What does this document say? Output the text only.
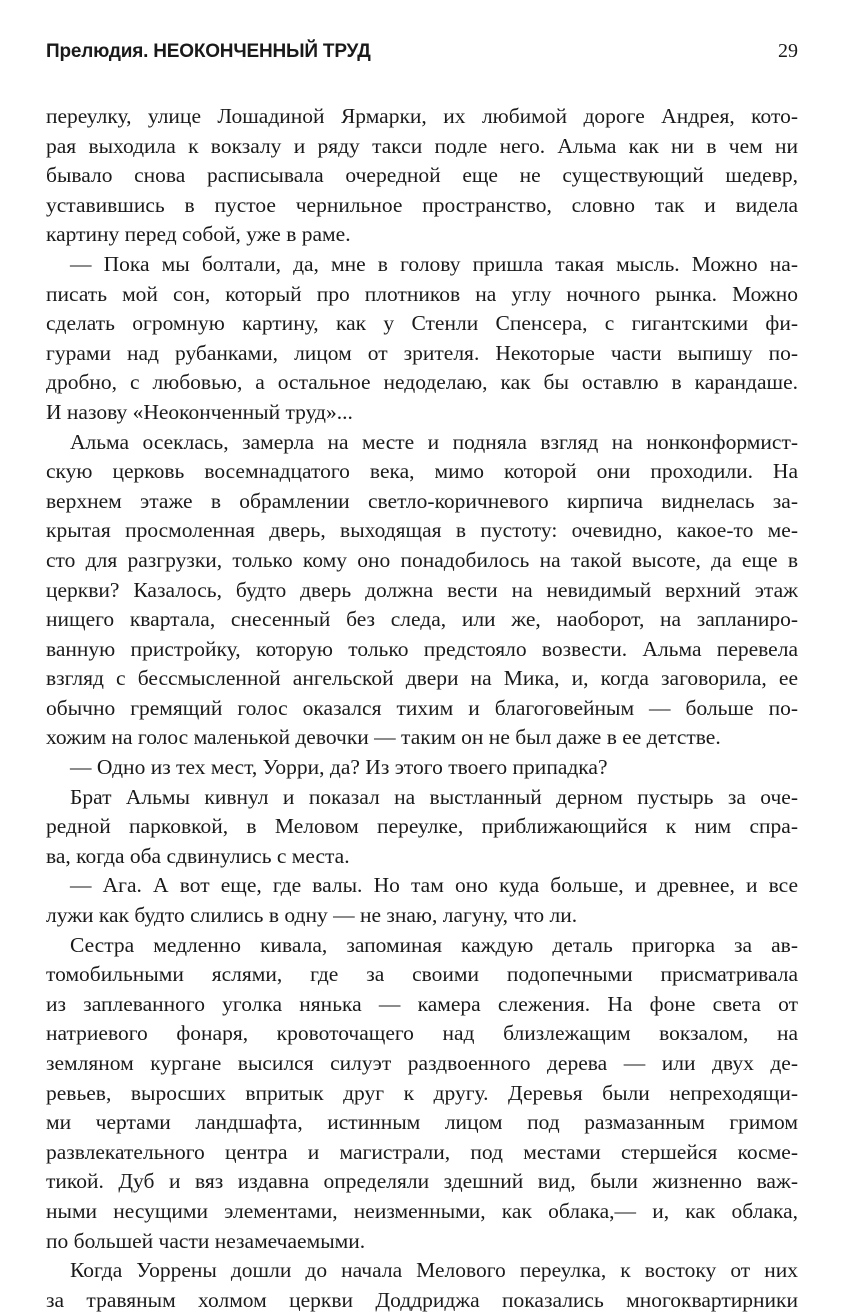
Прелюдия. НЕОКОНЧЕННЫЙ ТРУД	29
переулку, улице Лошадиной Ярмарки, их любимой дороге Андрея, кото-
рая выходила к вокзалу и ряду такси подле него. Альма как ни в чем ни
бывало снова расписывала очередной еще не существующий шедевр,
уставившись в пустое чернильное пространство, словно так и видела
картину перед собой, уже в раме.
— Пока мы болтали, да, мне в голову пришла такая мысль. Можно на-
писать мой сон, который про плотников на углу ночного рынка. Можно
сделать огромную картину, как у Стенли Спенсера, с гигантскими фи-
гурами над рубанками, лицом от зрителя. Некоторые части выпишу по-
дробно, с любовью, а остальное недоделаю, как бы оставлю в карандаше.
И назову «Неоконченный труд»...
Альма осеклась, замерла на месте и подняла взгляд на нонконформист-
скую церковь восемнадцатого века, мимо которой они проходили. На
верхнем этаже в обрамлении светло-коричневого кирпича виднелась за-
крытая просмоленная дверь, выходящая в пустоту: очевидно, какое-то ме-
сто для разгрузки, только кому оно понадобилось на такой высоте, да еще в
церкви? Казалось, будто дверь должна вести на невидимый верхний этаж
нищего квартала, снесенный без следа, или же, наоборот, на запланиро-
ванную пристройку, которую только предстояло возвести. Альма перевела
взгляд с бессмысленной ангельской двери на Мика, и, когда заговорила, ее
обычно гремящий голос оказался тихим и благоговейным — больше по-
хожим на голос маленькой девочки — таким он не был даже в ее детстве.
— Одно из тех мест, Уорри, да? Из этого твоего припадка?
Брат Альмы кивнул и показал на выстланный дерном пустырь за оче-
редной парковкой, в Меловом переулке, приближающийся к ним спра-
ва, когда оба сдвинулись с места.
— Ага. А вот еще, где валы. Но там оно куда больше, и древнее, и все
лужи как будто слились в одну — не знаю, лагуну, что ли.
Сестра медленно кивала, запоминая каждую деталь пригорка за ав-
томобильными яслями, где за своими подопечными присматривала
из заплеванного уголка нянька — камера слежения. На фоне света от
натриевого фонаря, кровоточащего над близлежащим вокзалом, на
земляном кургане высился силуэт раздвоенного дерева — или двух де-
ревьев, выросших впритык друг к другу. Деревья были непреходящи-
ми чертами ландшафта, истинным лицом под размазанным гримом
развлекательного центра и магистрали, под местами стершейся косме-
тикой. Дуб и вяз издавна определяли здешний вид, были жизненно важ-
ными несущими элементами, неизменными, как облака,— и, как облака,
по большей части незамечаемыми.
Когда Уоррены дошли до начала Мелового переулка, к востоку от них
за травяным холмом церкви Доддриджа показались многоквартирники
